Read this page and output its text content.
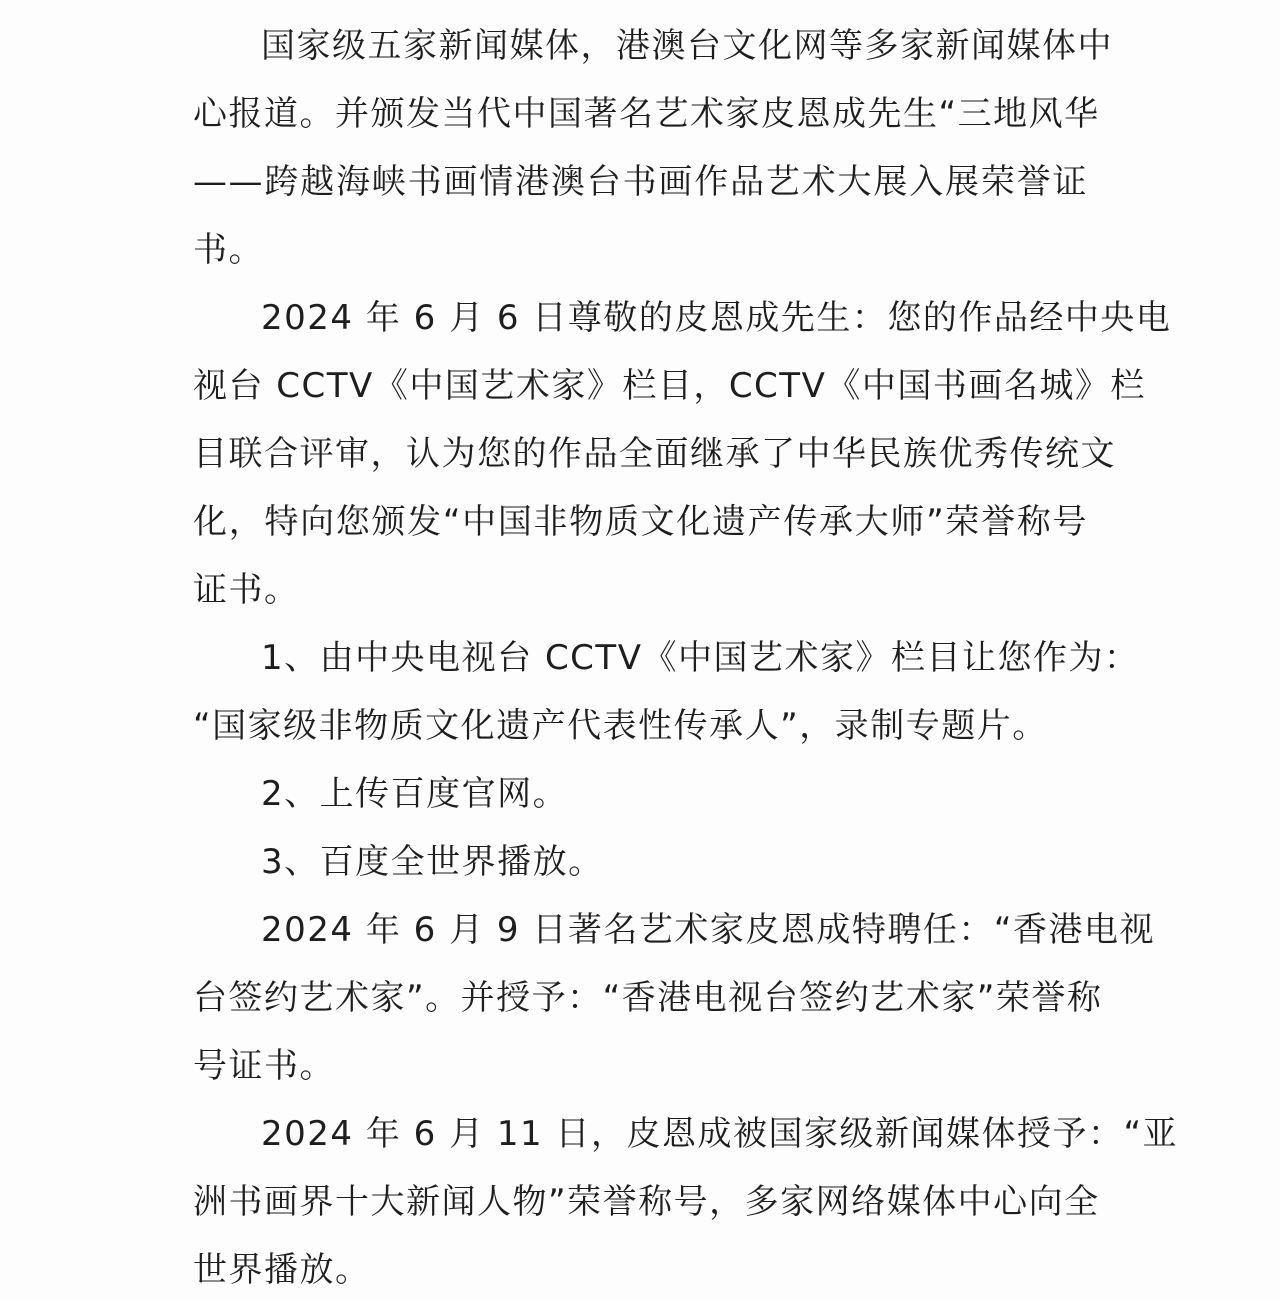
国家级五家新闻媒体，港澳台文化网等多家新闻媒体中
心报道。并颁发当代中国著名艺术家皮恩成先生“三地风华
——跨越海峡书画情港澳台书画作品艺术大展入展荣誉证
书。

2024 年 6 月 6 日尊敬的皮恩成先生：您的作品经中央电
视台 CCTV《中国艺术家》栏目，CCTV《中国书画名城》栏
目联合评审，认为您的作品全面继承了中华民族优秀传统文
化，特向您颁发“中国非物质文化遗产传承大师”荣誉称号
证书。

1、由中央电视台 CCTV《中国艺术家》栏目让您作为：
“国家级非物质文化遗产代表性传承人”，录制专题片。

2、上传百度官网。

3、百度全世界播放。

2024 年 6 月 9 日著名艺术家皮恩成特聘任：“香港电视
台签约艺术家”。并授予：“香港电视台签约艺术家”荣誉称
号证书。

2024 年 6 月 11 日，皮恩成被国家级新闻媒体授予：“亚
洲书画界十大新闻人物”荣誉称号，多家网络媒体中心向全
世界播放。
